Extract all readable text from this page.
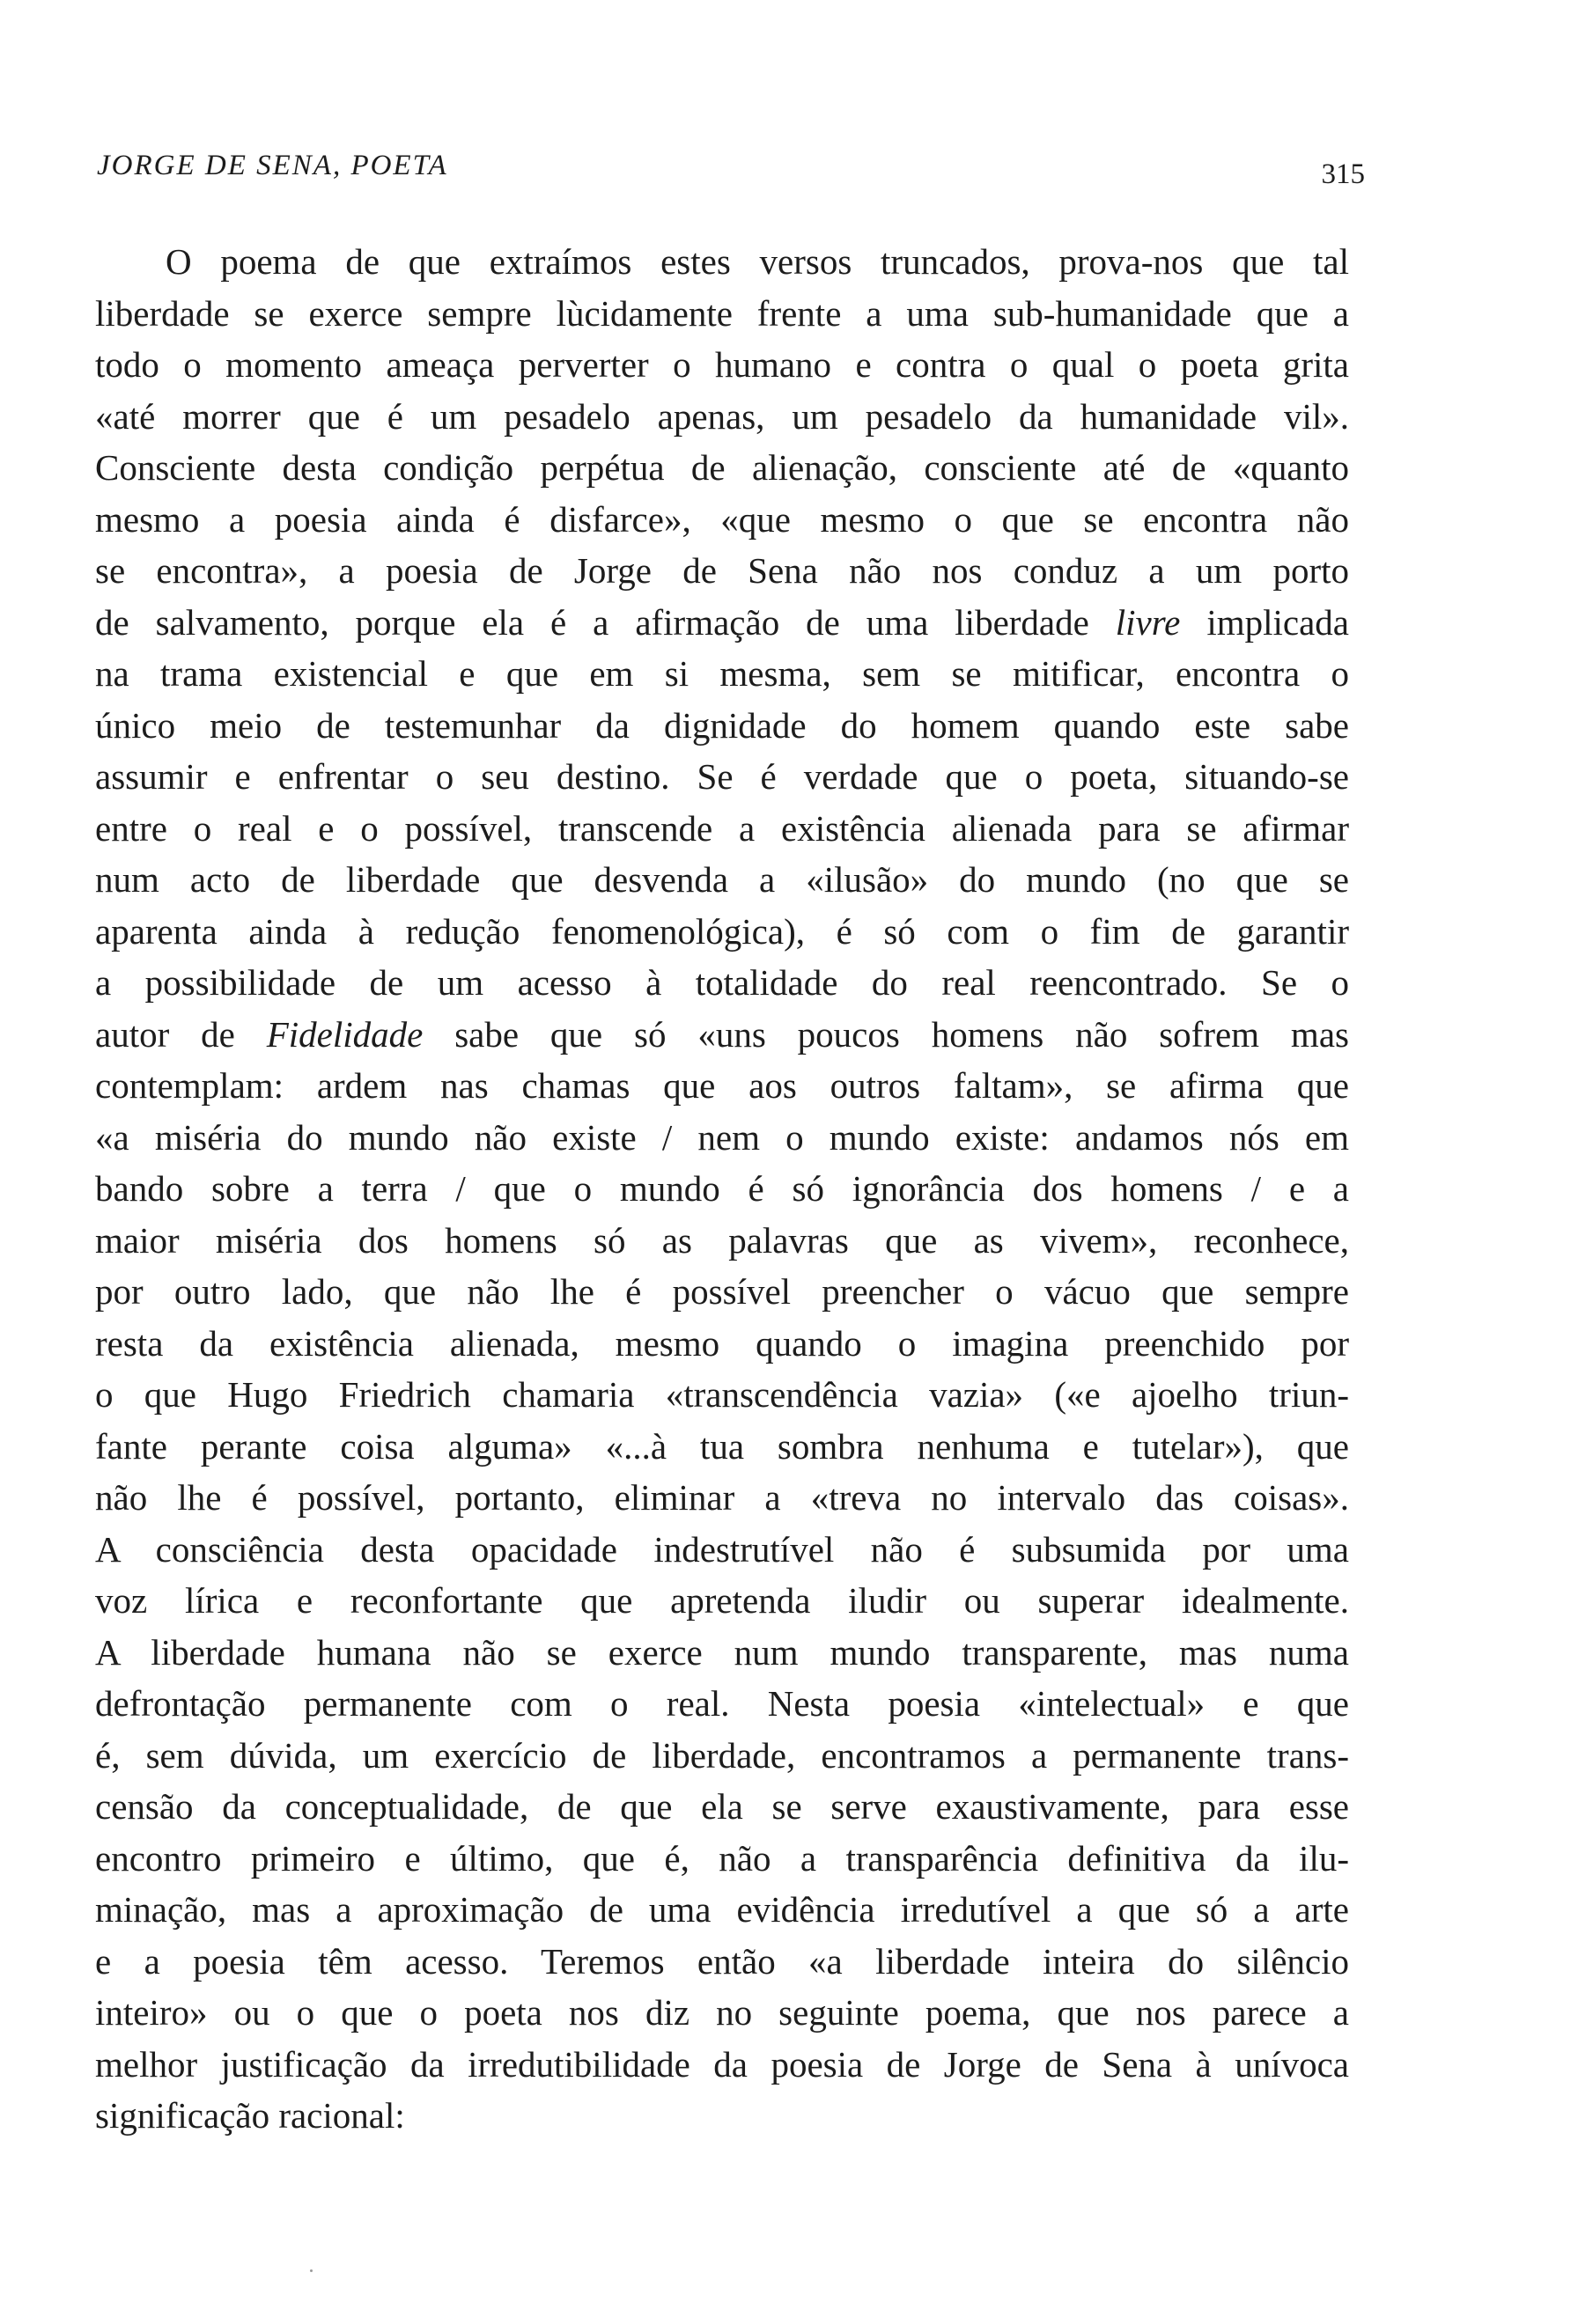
JORGE DE SENA, POETA	315
O poema de que extraímos estes versos truncados, prova-nos que tal
liberdade se exerce sempre lùcidamente frente a uma sub-humanidade que a
todo o momento ameaça perverter o humano e contra o qual o poeta grita
«até morrer que é um pesadelo apenas, um pesadelo da humanidade vil».
Consciente desta condição perpétua de alienação, consciente até de «quanto
mesmo a poesia ainda é disfarce», «que mesmo o que se encontra não
se encontra», a poesia de Jorge de Sena não nos conduz a um porto
de salvamento, porque ela é a afirmação de uma liberdade livre implicada
na trama existencial e que em si mesma, sem se mitificar, encontra o
único meio de testemunhar da dignidade do homem quando este sabe
assumir e enfrentar o seu destino. Se é verdade que o poeta, situando-se
entre o real e o possível, transcende a existência alienada para se afirmar
num acto de liberdade que desvenda a «ilusão» do mundo (no que se
aparenta ainda à redução fenomenológica), é só com o fim de garantir
a possibilidade de um acesso à totalidade do real reencontrado. Se o
autor de Fidelidade sabe que só «uns poucos homens não sofrem mas
contemplam: ardem nas chamas que aos outros faltam», se afirma que
«a miséria do mundo não existe / nem o mundo existe: andamos nós em
bando sobre a terra / que o mundo é só ignorância dos homens / e a
maior miséria dos homens só as palavras que as vivem», reconhece,
por outro lado, que não lhe é possível preencher o vácuo que sempre
resta da existência alienada, mesmo quando o imagina preenchido por
o que Hugo Friedrich chamaria «transcendência vazia» («e ajoelho triun-
fante perante coisa alguma» «...à tua sombra nenhuma e tutelar»), que
não lhe é possível, portanto, eliminar a «treva no intervalo das coisas».
A consciência desta opacidade indestrutível não é subsumida por uma
voz lírica e reconfortante que apretenda iludir ou superar idealmente.
A liberdade humana não se exerce num mundo transparente, mas numa
defrontação permanente com o real. Nesta poesia «intelectual» e que
é, sem dúvida, um exercício de liberdade, encontramos a permanente trans-
censão da conceptualidade, de que ela se serve exaustivamente, para esse
encontro primeiro e último, que é, não a transparência definitiva da ilu-
minação, mas a aproximação de uma evidência irredutível a que só a arte
e a poesia têm acesso. Teremos então «a liberdade inteira do silêncio
inteiro» ou o que o poeta nos diz no seguinte poema, que nos parece a
melhor justificação da irredutibilidade da poesia de Jorge de Sena à unívoca
significação racional:
